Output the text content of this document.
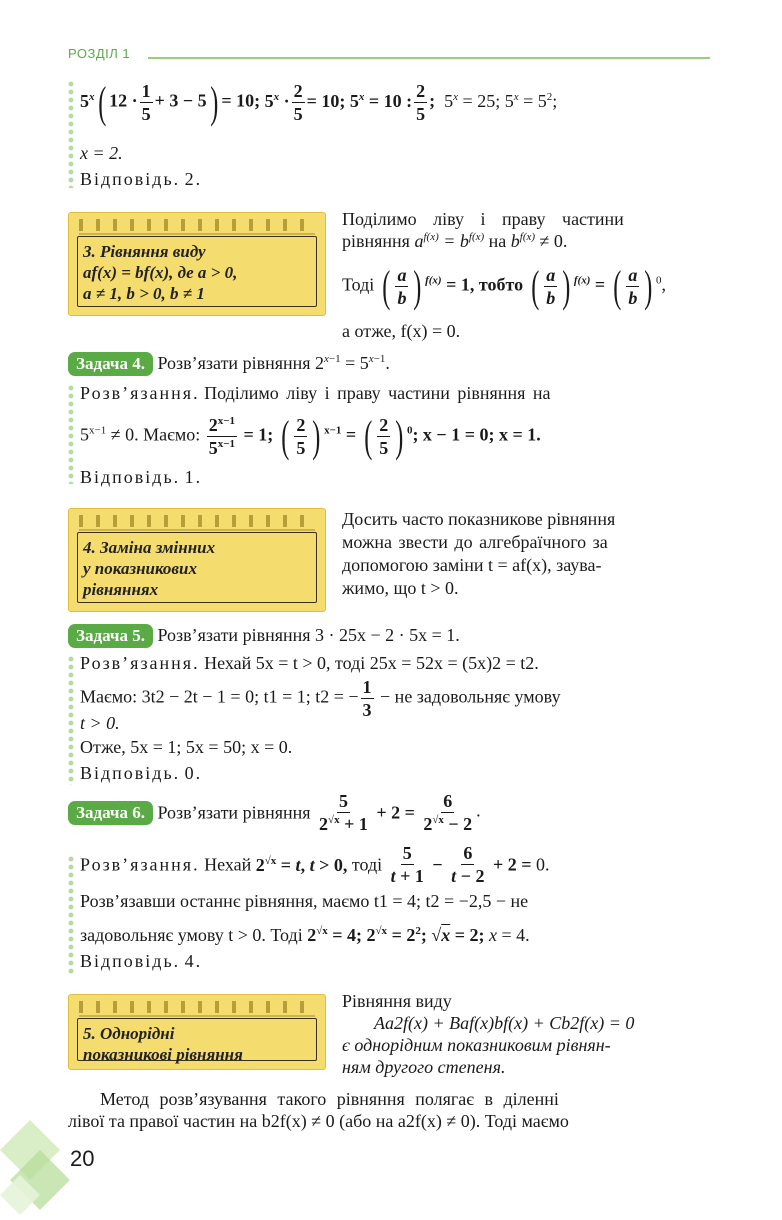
РОЗДІЛ 1
5$^x$( $12 \cdot \frac{1}{5} + 3 - 5) = 10$; $5^x \cdot \frac{2}{5} = 10$; $5^x = 10$ : $\frac{2}{5}$ ;  $5^x = 25$; $5^x = 5^2$;
x = 2.
Відповідь. 2.
3. Рівняння виду
af(x) = bf(x), де a > 0,
a ≠ 1, b > 0, b ≠ 1
Поділимо ліву і праву частини
рівняння $a^{f(x)} = b^{f(x)}$ на $b^{f(x)} \ne 0$.
Тоді ( $\frac{a}{b}$ ) $^{f(x)}$ = 1, тобто ( $\frac{a}{b}$ ) $^{f(x)}$ = ( $\frac{a}{b}$ ) $^0$,
а отже, f(x) = 0.
Задача 4. Розв’язати рівняння $2^{x-1} = 5^{x-1}$.
Розв’язання. Поділимо ліву і праву частини рівняння на
$5^{x-1} \ne 0$. Маємо: $\frac{2^{x-1}}{5^{x-1}} = 1$; ( $\frac{2}{5}$ ) $^{x-1}$ = ( $\frac{2}{5}$ ) $^0$; x − 1 = 0; x = 1.
Відповідь. 1.
4. Заміна змінних
у показникових
рівняннях
Досить часто показникове рівняння
можна звести до алгебраїчного за
допомогою заміни t = af(x), заува-
жимо, що t > 0.
Задача 5. Розв’язати рівняння 3 · 25x − 2 · 5x = 1.
Розв’язання. Нехай 5x = t > 0, тоді 25x = 52x = (5x)2 = t2.
Маємо: 3t2 − 2t − 1 = 0; t1 = 1; t2 = − $\frac{1}{3}$ − не задовольняє умову
t > 0.
Отже, 5x = 1; 5x = 50; x = 0.
Відповідь. 0.
Задача 6. Розв’язати рівняння $\frac{5}{2^{√x} + 1} + 2 = \frac{6}{2^{√x} - 2}$ .
Розв’язання. Нехай $2^{√x} = t$, t > 0, тоді $\frac{5}{t + 1} - \frac{6}{t - 2} + 2 = 0$.
Розв’язавши останнє рівняння, маємо t1 = 4; t2 = −2,5 − не
задовольняє умову t > 0. Тоді $2^{√x} = 4$; $2^{√x} = 2^2$; √x = 2; x = 4.
Відповідь. 4.
5. Однорідні
показникові рівняння
Рівняння виду
Aa2f(x) + Baf(x)bf(x) + Cb2f(x) = 0
є однорідним показниковим рівнян-
ням другого степеня.
Метод розв’язування такого рівняння полягає в діленні
лівої та правої частин на b2f(x) ≠ 0 (або на a2f(x) ≠ 0). Тоді маємо
20
